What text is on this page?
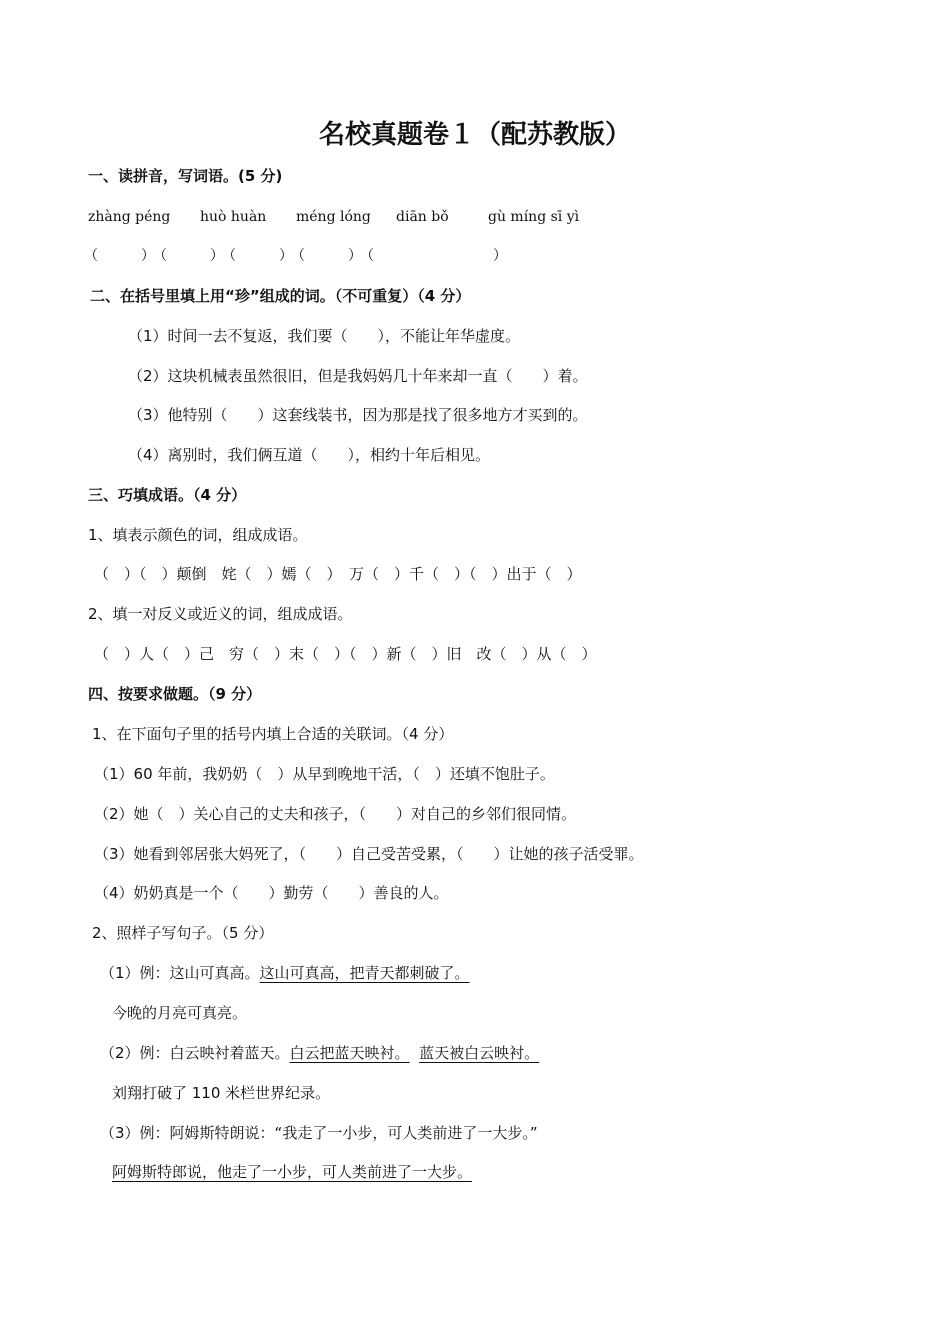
名校真题卷１（配苏教版）
一、读拼音，写词语。(5 分)
zhàng péng huò huàn méng lóng diān bǒ	gù míng sī yì
（　　）（　　）（　　）（　　）（　　　　　　）
二、在括号里填上用“珍”组成的词。（不可重复）（4 分）
（1）时间一去不复返，我们要（　　），不能让年华虚度。
（2）这块机械表虽然很旧，但是我妈妈几十年来却一直（　　）着。
（3）他特别（　　）这套线装书，因为那是找了很多地方才买到的。
（4）离别时，我们俩互道（　　），相约十年后相见。
三、巧填成语。（4 分）
1、填表示颜色的词，组成成语。
（　）（　）颠倒　姹（　）嫣（　）　万（　）千（　）（　）出于（　）
2、填一对反义或近义的词，组成成语。
（　）人（　）己　穷（　）末（　）（　）新（　）旧　改（　）从（　）
四、按要求做题。（9 分）
1、在下面句子里的括号内填上合适的关联词。（4 分）
（1）60 年前，我奶奶（　）从早到晚地干活，（　）还填不饱肚子。
（2）她（　）关心自己的丈夫和孩子，（　　）对自己的乡邻们很同情。
（3）她看到邻居张大妈死了，（　　）自己受苦受累，（　　）让她的孩子活受罪。
（4）奶奶真是一个（　　）勤劳（　　）善良的人。
2、照样子写句子。（5 分）
（1）例：这山可真高。这山可真高，把青天都刺破了。
今晚的月亮可真亮。
（2）例：白云映衬着蓝天。白云把蓝天映衬。 蓝天被白云映衬。
刘翔打破了 110 米栏世界纪录。
（3）例：阿姆斯特朗说：“我走了一小步，可人类前进了一大步。”
阿姆斯特郎说，他走了一小步，可人类前进了一大步。
